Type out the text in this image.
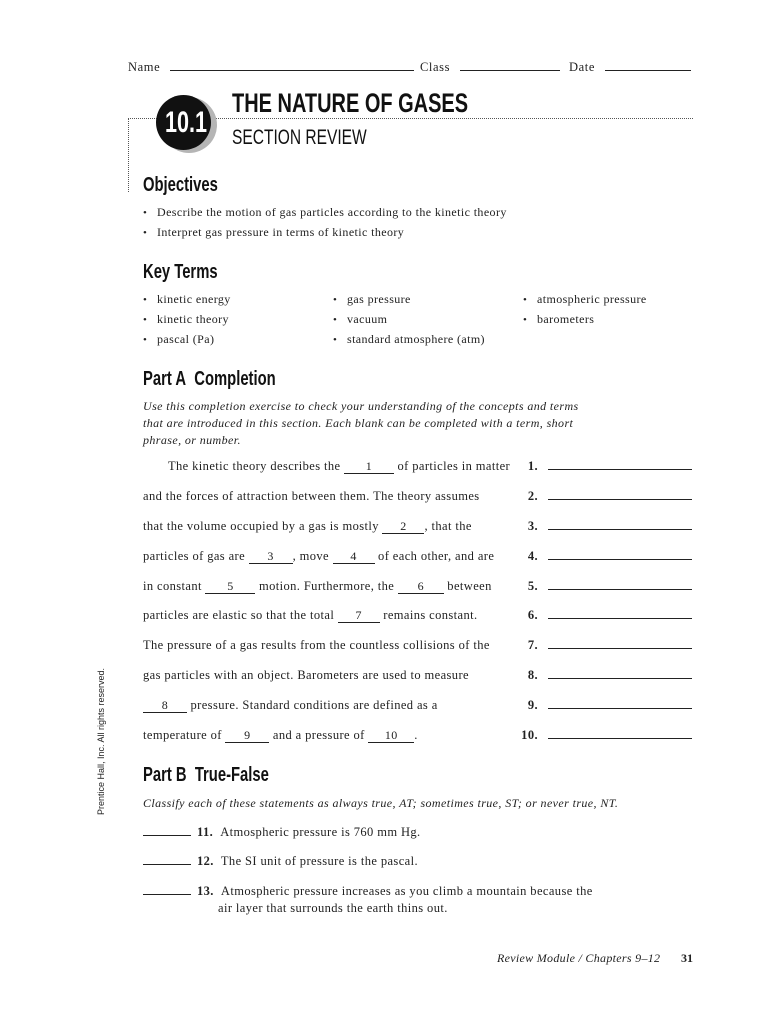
Name	Class	Date
10.1
THE NATURE OF GASES
SECTION REVIEW
Objectives
• Describe the motion of gas particles according to the kinetic theory
• Interpret gas pressure in terms of kinetic theory
Key Terms
• kinetic energy
• kinetic theory
• pascal (Pa)
• gas pressure
• vacuum
• standard atmosphere (atm)
• atmospheric pressure
• barometers
Part A Completion
Use this completion exercise to check your understanding of the concepts and terms
that are introduced in this section. Each blank can be completed with a term, short
phrase, or number.
The kinetic theory describes the 1 of particles in matter
and the forces of attraction between them. The theory assumes
that the volume occupied by a gas is mostly 2 , that the
particles of gas are 3 , move 4 of each other, and are
in constant 5 motion. Furthermore, the 6 between
particles are elastic so that the total 7 remains constant.
The pressure of a gas results from the countless collisions of the
gas particles with an object. Barometers are used to measure
8 pressure. Standard conditions are defined as a
temperature of 9 and a pressure of 10 .
1.
2.
3.
4.
5.
6.
7.
8.
9.
10.
Prentice Hall, Inc. All rights reserved. Part B True-False
Classify each of these statements as always true, AT; sometimes true, ST; or never true, NT.
11. Atmospheric pressure is 760 mm Hg.
12. The SI unit of pressure is the pascal.
13. Atmospheric pressure increases as you climb a mountain because the
air layer that surrounds the earth thins out.
Review Module / Chapters 9–12 31
